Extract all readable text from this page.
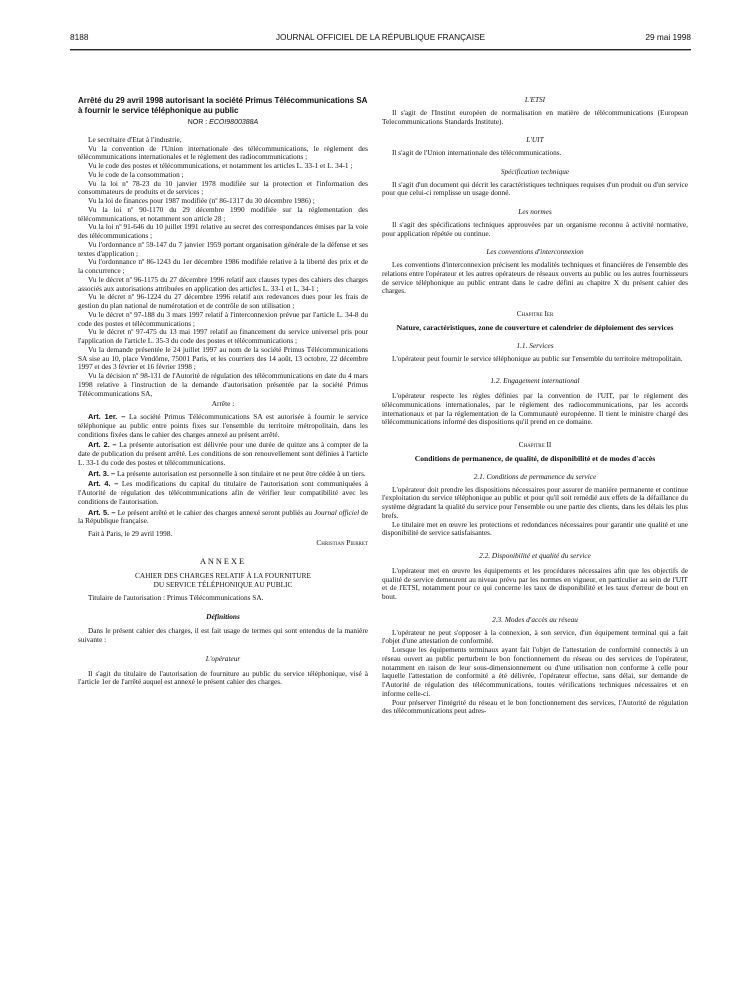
8188	JOURNAL OFFICIEL DE LA RÉPUBLIQUE FRANÇAISE	29 mai 1998

Arrêté du 29 avril 1998 autorisant la société Primus Télécommunications SA à fournir le service téléphonique au public

NOR : ECOI9800388A

Le secrétaire d'Etat à l'industrie,

Vu la convention de l'Union internationale des télécommunications, le règlement des télécommunications internationales et le règlement des radiocommunications ;

Vu le code des postes et télécommunications, et notamment les articles L. 33-1 et L. 34-1 ;

Vu le code de la consommation ;

Vu la loi nº 78-23 du 10 janvier 1978 modifiée sur la protection et l'information des consommateurs de produits et de services ;

Vu la loi de finances pour 1987 modifiée (nº 86-1317 du 30 décembre 1986) ;

Vu la loi nº 90-1170 du 29 décembre 1990 modifiée sur la réglementation des télécommunications, et notamment son article 28 ;

Vu la loi nº 91-646 du 10 juillet 1991 relative au secret des correspondances émises par la voie des télécommunications ;

Vu l'ordonnance nº 59-147 du 7 janvier 1959 portant organisation générale de la défense et ses textes d'application ;

Vu l'ordonnance nº 86-1243 du 1er décembre 1986 modifiée relative à la liberté des prix et de la concurrence ;

Vu le décret nº 96-1175 du 27 décembre 1996 relatif aux clauses types des cahiers des charges associés aux autorisations attribuées en application des articles L. 33-1 et L. 34-1 ;

Vu le décret nº 96-1224 du 27 décembre 1996 relatif aux redevances dues pour les frais de gestion du plan national de numérotation et de contrôle de son utilisation ;

Vu le décret nº 97-188 du 3 mars 1997 relatif à l'interconnexion prévue par l'article L. 34-8 du code des postes et télécommunications ;

Vu le décret nº 97-475 du 13 mai 1997 relatif au financement du service universel pris pour l'application de l'article L. 35-3 du code des postes et télécommunications ;

Vu la demande présentée le 24 juillet 1997 au nom de la société Primus Télécommunications SA sise au 10, place Vendôme, 75001 Paris, et les courriers des 14 août, 13 octobre, 22 décembre 1997 et des 3 février et 16 février 1998 ;

Vu la décision nº 98-131 de l'Autorité de régulation des télécommunications en date du 4 mars 1998 relative à l'instruction de la demande d'autorisation présentée par la société Primus Télécommunications SA,

Arrête :

Art. 1er. – La société Primus Télécommunications SA est autorisée à fournir le service téléphonique au public entre points fixes sur l'ensemble du territoire métropolitain, dans les conditions fixées dans le cahier des charges annexé au présent arrêté.

Art. 2. – La présente autorisation est délivrée pour une durée de quinze ans à compter de la date de publication du présent arrêté. Les conditions de son renouvellement sont définies à l'article L. 33-1 du code des postes et télécommunications.

Art. 3. – La présente autorisation est personnelle à son titulaire et ne peut être cédée à un tiers.

Art. 4. – Les modifications du capital du titulaire de l'autorisation sont communiquées à l'Autorité de régulation des télécommunications afin de vérifier leur compatibilité avec les conditions de l'autorisation.

Art. 5. – Le présent arrêté et le cahier des charges annexé seront publiés au Journal officiel de la République française.

Fait à Paris, le 29 avril 1998.

Christian Pierret

ANNEXE

CAHIER DES CHARGES RELATIF À LA FOURNITURE

DU SERVICE TÉLÉPHONIQUE AU PUBLIC

Titulaire de l'autorisation : Primus Télécommunications SA.

Définitions

Dans le présent cahier des charges, il est fait usage de termes qui sont entendus de la manière suivante :

L'opérateur

Il s'agit du titulaire de l'autorisation de fourniture au public du service téléphonique, visé à l'article 1er de l'arrêté auquel est annexé le présent cahier des charges.

L'ETSI

Il s'agit de l'Institut européen de normalisation en matière de télécommunications (European Telecommunications Standards Institute).

L'UIT

Il s'agit de l'Union internationale des télécommunications.

Spécification technique

Il s'agit d'un document qui décrit les caractéristiques techniques requises d'un produit ou d'un service pour que celui-ci remplisse un usage donné.

Les normes

Il s'agit des spécifications techniques approuvées par un organisme reconnu à activité normative, pour application répétée ou continue.

Les conventions d'interconnexion

Les conventions d'interconnexion précisent les modalités techniques et financières de l'ensemble des relations entre l'opérateur et les autres opérateurs de réseaux ouverts au public ou les autres fournisseurs de service téléphonique au public entrant dans le cadre défini au chapitre X du présent cahier des charges.

Chapitre Ier

Nature, caractéristiques, zone de couverture et calendrier de déploiement des services

1.1. Services

L'opérateur peut fournir le service téléphonique au public sur l'ensemble du territoire métropolitain.

1.2. Engagement international

L'opérateur respecte les règles définies par la convention de l'UIT, par le règlement des télécommunications internationales, par le règlement des radiocommunications, par les accords internationaux et par la réglementation de la Communauté européenne. Il tient le ministre chargé des télécommunications informé des dispositions qu'il prend en ce domaine.

Chapitre II

Conditions de permanence, de qualité, de disponibilité et de modes d'accès

2.1. Conditions de permanence du service

L'opérateur doit prendre les dispositions nécessaires pour assurer de manière permanente et continue l'exploitation du service téléphonique au public et pour qu'il soit remédié aux effets de la défaillance du système dégradant la qualité du service pour l'ensemble ou une partie des clients, dans les délais les plus brefs.

Le titulaire met en œuvre les protections et redondances nécessaires pour garantir une qualité et une disponibilité de service satisfaisantes.

2.2. Disponibilité et qualité du service

L'opérateur met en œuvre les équipements et les procédures nécessaires afin que les objectifs de qualité de service demeurent au niveau prévu par les normes en vigueur, en particulier au sein de l'UIT et de l'ETSI, notamment pour ce qui concerne les taux de disponibilité et les taux d'erreur de bout en bout.

2.3. Modes d'accès au réseau

L'opérateur ne peut s'opposer à la connexion, à son service, d'un équipement terminal qui a fait l'objet d'une attestation de conformité.

Lorsque les équipements terminaux ayant fait l'objet de l'attestation de conformité connectés à un réseau ouvert au public perturbent le bon fonctionnement du réseau ou des services de l'opérateur, notamment en raison de leur sous-dimensionnement ou d'une utilisation non conforme à celle pour laquelle l'attestation de conformité a été délivrée, l'opérateur effectue, sans délai, sur demande de l'Autorité de régulation des télécommunications, toutes vérifications techniques nécessaires et en informe celle-ci.

Pour préserver l'intégrité du réseau et le bon fonctionnement des services, l'Autorité de régulation des télécommunications peut adres-
